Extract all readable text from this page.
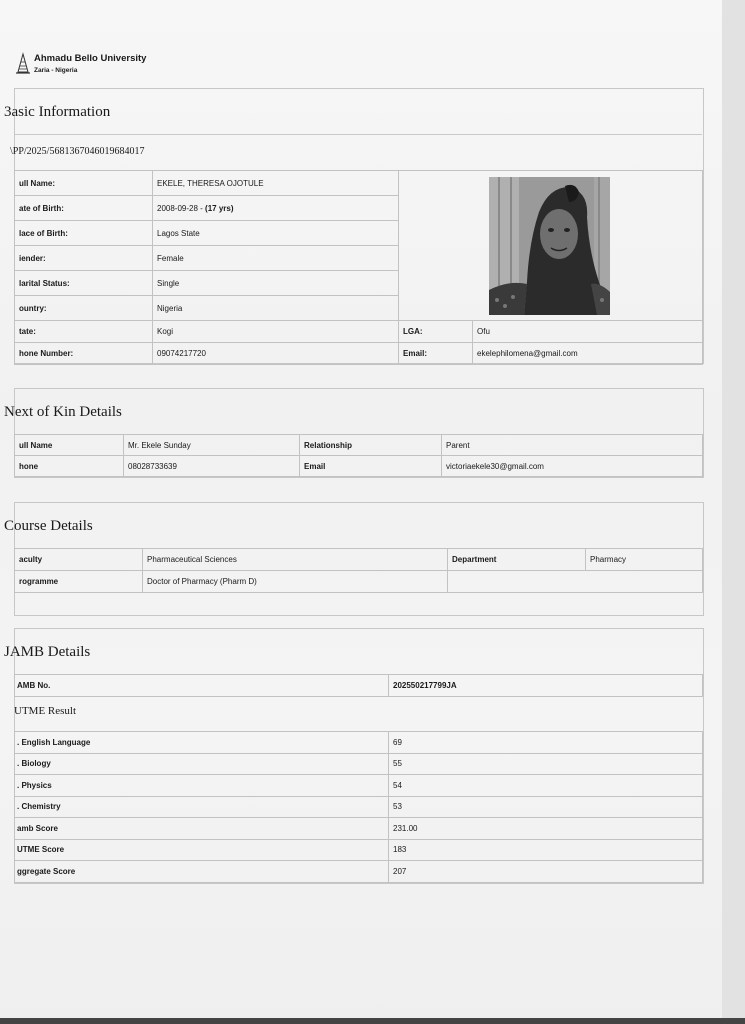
Ahmadu Bello University
Zaria - Nigeria
3asic Information
\PP/2025/5681367046019684017
ull Name:	EKELE, THERESA OJOTULE	

ate of Birth:	2008-09-28 - (17 yrs)		
lace of Birth:	Lagos State		
iender:	Female		
larital Status:	Single		
ountry:	Nigeria		
tate:	Kogi	LGA:	Ofu
hone Number:	09074217720	Email:	ekelephilomena@gmail.com
Next of Kin Details
ull Name	Mr. Ekele Sunday	Relationship	Parent
hone	08028733639	Email	victoriaekele30@gmail.com
Course Details
aculty	Pharmaceutical Sciences	Department	Pharmacy
rogramme	Doctor of Pharmacy (Pharm D)		
JAMB Details
AMB No.	202550217799JA
UTME Result
. English Language	69
. Biology	55
. Physics	54
. Chemistry	53
amb Score	231.00
UTME Score	183
ggregate Score	207
